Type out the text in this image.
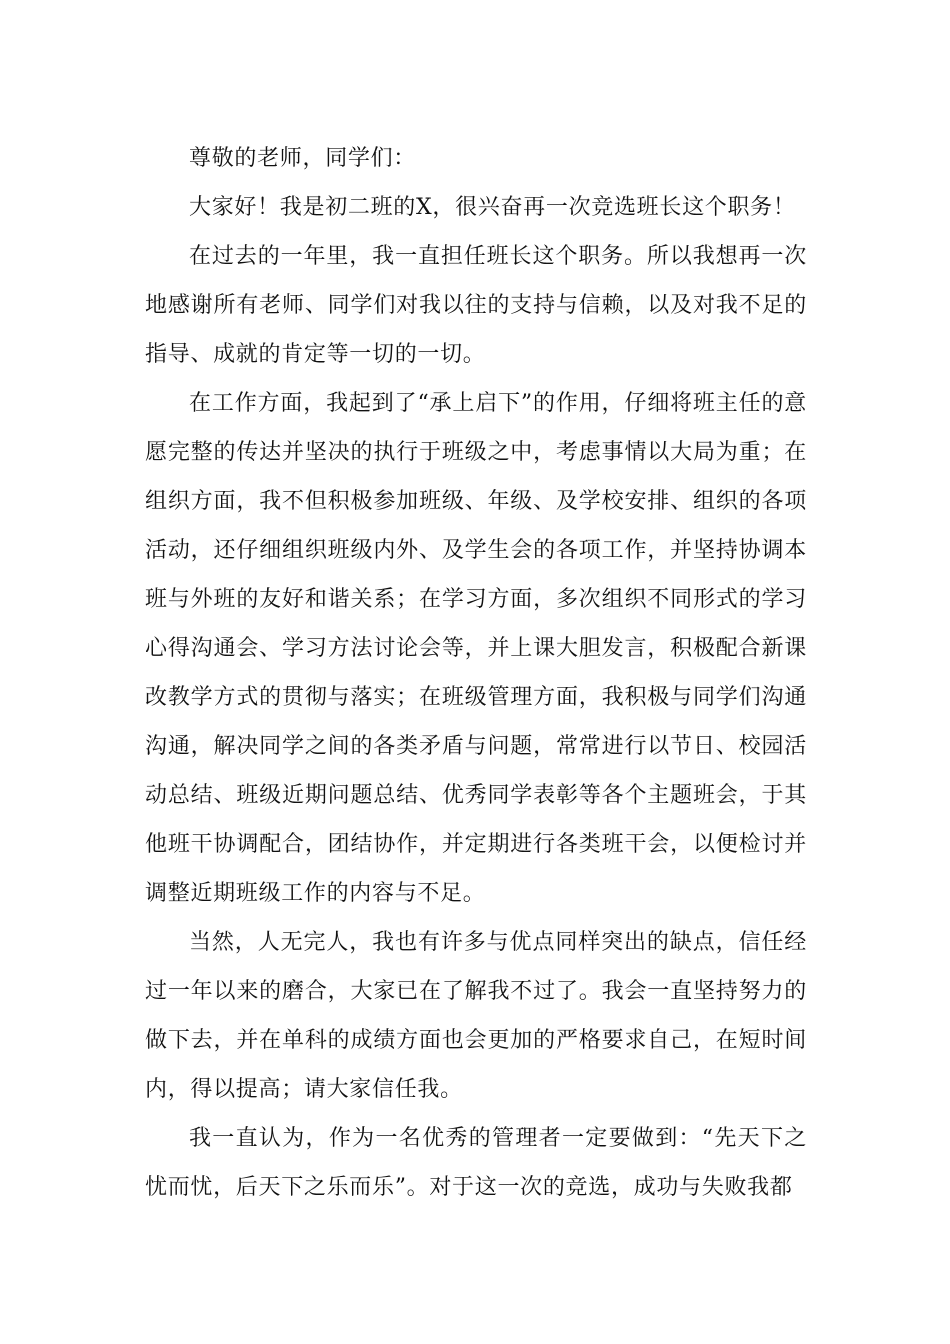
尊敬的老师，同学们：

大家好！我是初二班的X，很兴奋再一次竞选班长这个职务！

在过去的一年里，我一直担任班长这个职务。所以我想再一次地感谢所有老师、同学们对我以往的支持与信赖，以及对我不足的指导、成就的肯定等一切的一切。

在工作方面，我起到了“承上启下”的作用，仔细将班主任的意愿完整的传达并坚决的执行于班级之中，考虑事情以大局为重；在组织方面，我不但积极参加班级、年级、及学校安排、组织的各项活动，还仔细组织班级内外、及学生会的各项工作，并坚持协调本班与外班的友好和谐关系；在学习方面，多次组织不同形式的学习心得沟通会、学习方法讨论会等，并上课大胆发言，积极配合新课改教学方式的贯彻与落实；在班级管理方面，我积极与同学们沟通沟通，解决同学之间的各类矛盾与问题，常常进行以节日、校园活动总结、班级近期问题总结、优秀同学表彰等各个主题班会，于其他班干协调配合，团结协作，并定期进行各类班干会，以便检讨并调整近期班级工作的内容与不足。

当然，人无完人，我也有许多与优点同样突出的缺点，信任经过一年以来的磨合，大家已在了解我不过了。我会一直坚持努力的做下去，并在单科的成绩方面也会更加的严格要求自己，在短时间内，得以提高；请大家信任我。

我一直认为，作为一名优秀的管理者一定要做到：“先天下之忧而忧，后天下之乐而乐”。对于这一次的竞选，成功与失败我都
